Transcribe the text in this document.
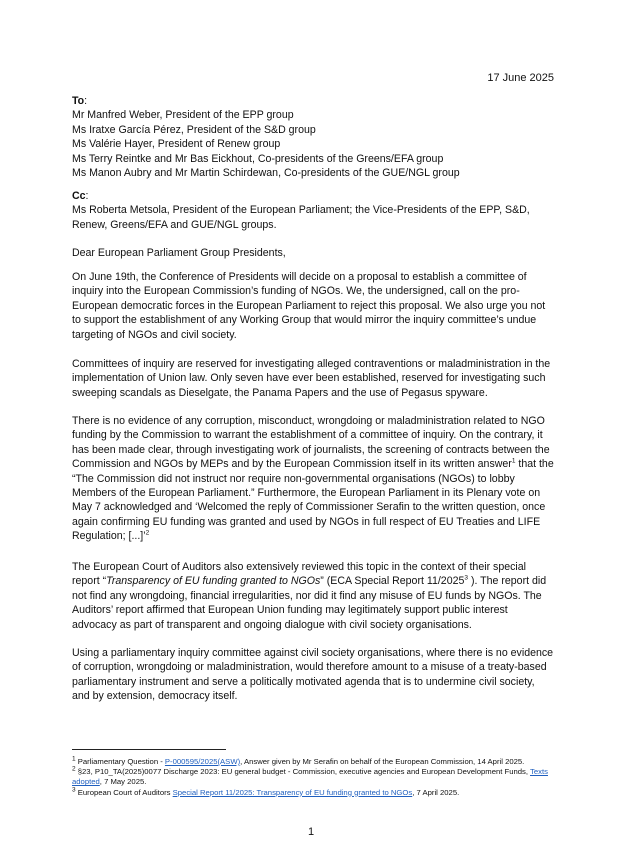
17 June 2025
To:
Mr Manfred Weber, President of the EPP group
Ms Iratxe García Pérez, President of the S&D group
Ms Valérie Hayer, President of Renew group
Ms Terry Reintke and Mr Bas Eickhout, Co-presidents of the Greens/EFA group
Ms Manon Aubry and Mr Martin Schirdewan, Co-presidents of the GUE/NGL group
Cc:
Ms Roberta Metsola, President of the European Parliament; the Vice-Presidents of the EPP, S&D,
Renew, Greens/EFA and GUE/NGL groups.

Dear European Parliament Group Presidents,

On June 19th, the Conference of Presidents will decide on a proposal to establish a committee of inquiry into the European Commission’s funding of NGOs. We, the undersigned, call on the pro-European democratic forces in the European Parliament to reject this proposal. We also urge you not to support the establishment of any Working Group that would mirror the inquiry committee’s undue targeting of NGOs and civil society.

Committees of inquiry are reserved for investigating alleged contraventions or maladministration in the implementation of Union law. Only seven have ever been established, reserved for investigating such sweeping scandals as Dieselgate, the Panama Papers and the use of Pegasus spyware.

There is no evidence of any corruption, misconduct, wrongdoing or maladministration related to NGO funding by the Commission to warrant the establishment of a committee of inquiry. On the contrary, it has been made clear, through investigating work of journalists, the screening of contracts between the Commission and NGOs by MEPs and by the European Commission itself in its written answer$^1$ that the “The Commission did not instruct nor require non-governmental organisations (NGOs) to lobby Members of the European Parliament.” Furthermore, the European Parliament in its Plenary vote on May 7 acknowledged and ‘Welcomed the reply of Commissioner Serafin to the written question, once again confirming EU funding was granted and used by NGOs in full respect of EU Treaties and LIFE Regulation; [...]’$^2$

The European Court of Auditors also extensively reviewed this topic in the context of their special report “Transparency of EU funding granted to NGOs” (ECA Special Report 11/2025$^3$ ). The report did not find any wrongdoing, financial irregularities, nor did it find any misuse of EU funds by NGOs. The Auditors’ report affirmed that European Union funding may legitimately support public interest advocacy as part of transparent and ongoing dialogue with civil society organisations.

Using a parliamentary inquiry committee against civil society organisations, where there is no evidence of corruption, wrongdoing or maladministration, would therefore amount to a misuse of a treaty-based parliamentary instrument and serve a politically motivated agenda that is to undermine civil society, and by extension, democracy itself.

$^1$ Parliamentary Question - P-000595/2025(ASW), Answer given by Mr Serafin on behalf of the European Commission, 14 April 2025.

$^2$ §23, P10_TA(2025)0077 Discharge 2023: EU general budget - Commission, executive agencies and European Development Funds, Texts adopted, 7 May 2025.

$^3$ European Court of Auditors Special Report 11/2025: Transparency of EU funding granted to NGOs, 7 April 2025.

1
